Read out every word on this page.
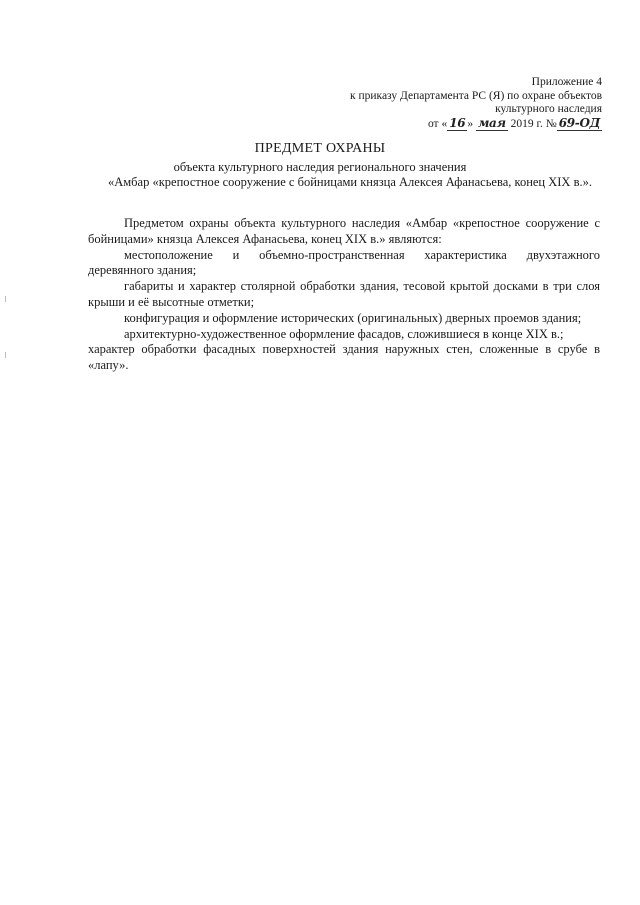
Приложение 4
к приказу Департамента РС (Я) по охране объектов
культурного наследия
от « 16 » мая 2019 г. № 69-ОД
ПРЕДМЕТ ОХРАНЫ
объекта культурного наследия регионального значения
«Амбар «крепостное сооружение с бойницами князца Алексея Афанасьева, конец XIX в.».

Предметом охраны объекта культурного наследия «Амбар «крепостное сооружение с бойницами» князца Алексея Афанасьева, конец XIX в.» являются:

местоположение и объемно-пространственная характеристика двухэтажного деревянного здания;

габариты и характер столярной обработки здания, тесовой крытой досками в три слоя крыши и её высотные отметки;

конфигурация и оформление исторических (оригинальных) дверных проемов здания;

архитектурно-художественное оформление фасадов, сложившиеся в конце XIX в.;

характер обработки фасадных поверхностей здания наружных стен, сложенные в срубе в «лапу».
